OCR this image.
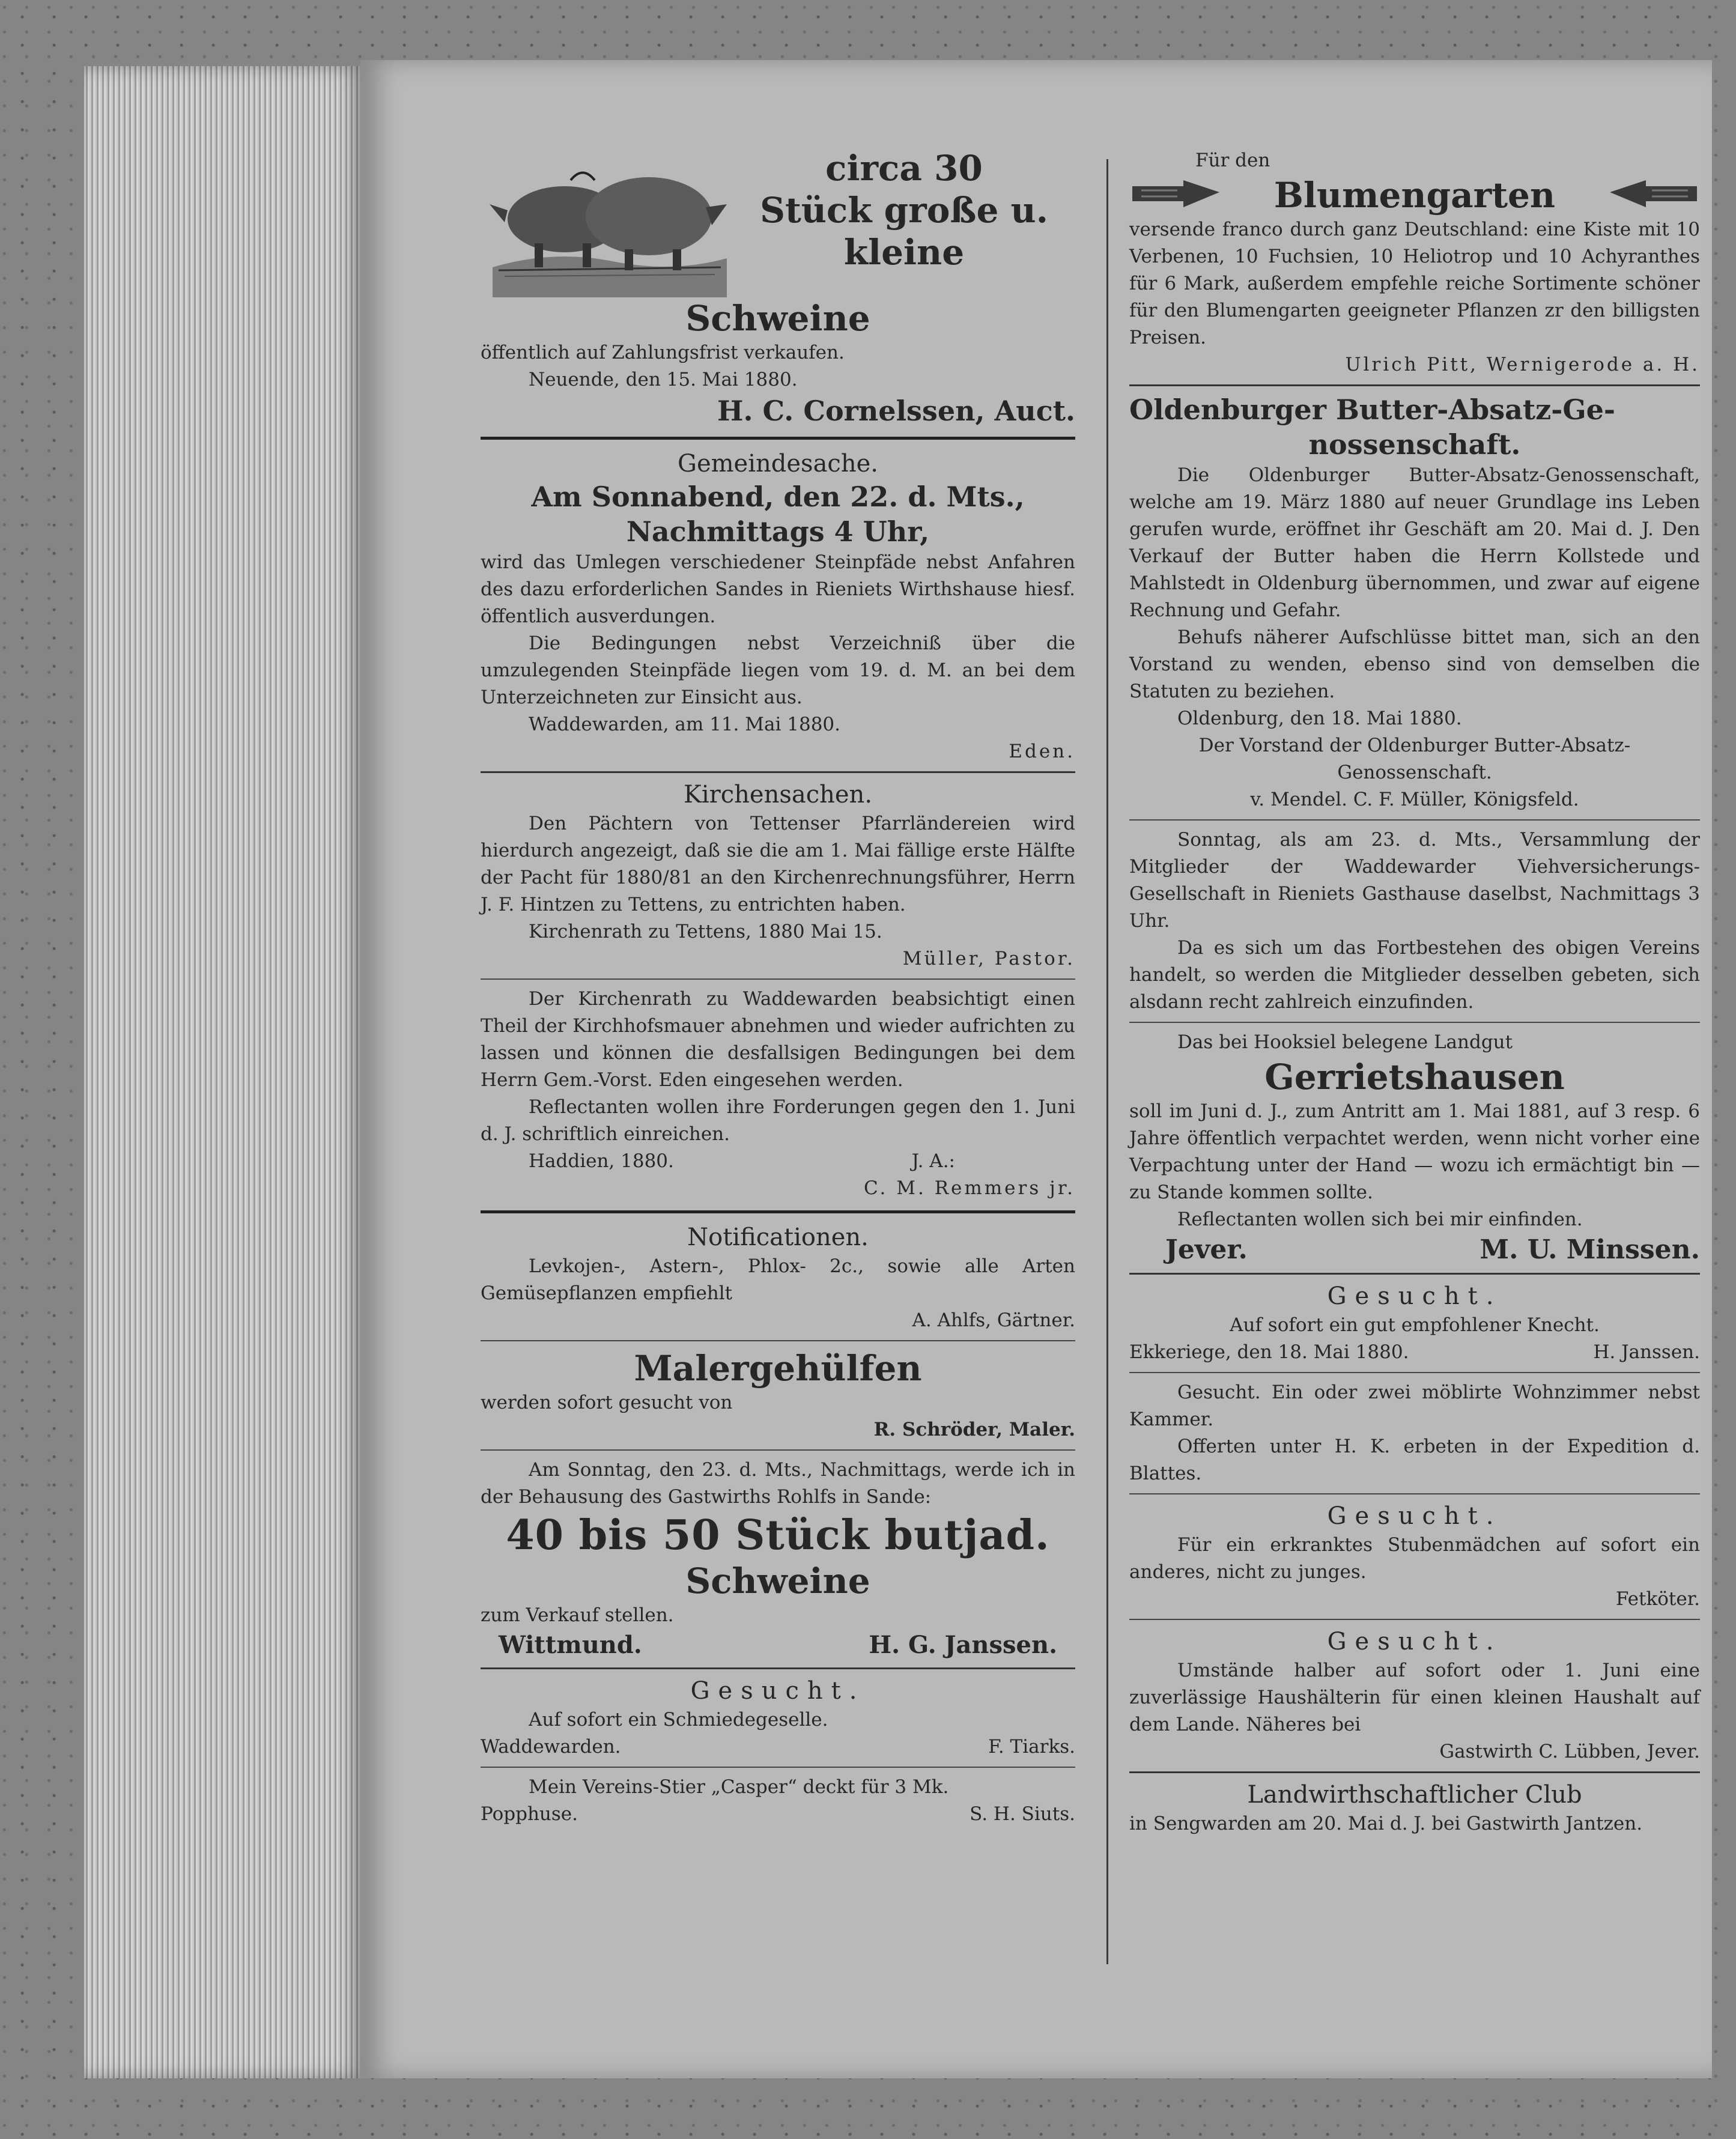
circa 30
Stück große u.
kleine
Schweine

öffentlich auf Zahlungsfrist verkaufen.

Neuende, den 15. Mai 1880.

H. C. Cornelssen, Auct.
Gemeindesache.
Am Sonnabend, den 22. d. Mts.,
Nachmittags 4 Uhr,

wird das Umlegen verschiedener Steinpfäde nebst Anfahren des dazu erforderlichen Sandes in Rieniets Wirthshause hiesf. öffentlich ausverdungen.

Die Bedingungen nebst Verzeichniß über die umzulegenden Steinpfäde liegen vom 19. d. M. an bei dem Unterzeichneten zur Einsicht aus.

Waddewarden, am 11. Mai 1880.

Eden.

Kirchensachen.

Den Pächtern von Tettenser Pfarrländereien wird hierdurch angezeigt, daß sie die am 1. Mai fällige erste Hälfte der Pacht für 1880/81 an den Kirchenrechnungsführer, Herrn J. F. Hintzen zu Tettens, zu entrichten haben.

Kirchenrath zu Tettens, 1880 Mai 15.

Müller, Pastor.

Der Kirchenrath zu Waddewarden beabsichtigt einen Theil der Kirchhofsmauer abnehmen und wieder aufrichten zu lassen und können die desfallsigen Bedingungen bei dem Herrn Gem.-Vorst. Eden eingesehen werden.

Reflectanten wollen ihre Forderungen gegen den 1. Juni d. J. schriftlich einreichen.

Haddien, 1880.	J. A.:

C. M. Remmers jr.

Notificationen.

Levkojen-, Astern-, Phlox- 2c., sowie alle Arten Gemüsepflanzen empfiehlt

A. Ahlfs, Gärtner.

Malergehülfen

werden sofort gesucht von

R. Schröder, Maler.

Am Sonntag, den 23. d. Mts., Nachmittags, werde ich in der Behausung des Gastwirths Rohlfs in Sande:

40 bis 50 Stück butjad.
Schweine

zum Verkauf stellen.

Wittmund.	H. G. Janssen.
Gesucht.

Auf sofort ein Schmiedegeselle.

Waddewarden.	F. Tiarks.

Mein Vereins-Stier „Casper“ deckt für 3 Mk.

Popphuse.	S. H. Siuts.

Für den

Blumengarten

versende franco durch ganz Deutschland: eine Kiste mit 10 Verbenen, 10 Fuchsien, 10 Heliotrop und 10 Achyranthes für 6 Mark, außerdem empfehle reiche Sortimente schöner für den Blumengarten geeigneter Pflanzen zr den billigsten Preisen.

Ulrich Pitt, Wernigerode a. H.

Oldenburger Butter-Absatz-Ge-
nossenschaft.

Die Oldenburger Butter-Absatz-Genossenschaft, welche am 19. März 1880 auf neuer Grundlage ins Leben gerufen wurde, eröffnet ihr Geschäft am 20. Mai d. J. Den Verkauf der Butter haben die Herrn Kollstede und Mahlstedt in Oldenburg übernommen, und zwar auf eigene Rechnung und Gefahr.

Behufs näherer Aufschlüsse bittet man, sich an den Vorstand zu wenden, ebenso sind von demselben die Statuten zu beziehen.

Oldenburg, den 18. Mai 1880.

Der Vorstand der Oldenburger Butter-Absatz-

Genossenschaft.

v. Mendel. C. F. Müller, Königsfeld.

Sonntag, als am 23. d. Mts., Versammlung der Mitglieder der Waddewarder Viehversicherungs-Gesellschaft in Rieniets Gasthause daselbst, Nachmittags 3 Uhr.

Da es sich um das Fortbestehen des obigen Vereins handelt, so werden die Mitglieder desselben gebeten, sich alsdann recht zahlreich einzufinden.

Das bei Hooksiel belegene Landgut

Gerrietshausen

soll im Juni d. J., zum Antritt am 1. Mai 1881, auf 3 resp. 6 Jahre öffentlich verpachtet werden, wenn nicht vorher eine Verpachtung unter der Hand — wozu ich ermächtigt bin — zu Stande kommen sollte.

Reflectanten wollen sich bei mir einfinden.

Jever.	M. U. Minssen.
Gesucht.

Auf sofort ein gut empfohlener Knecht.

Ekkeriege, den 18. Mai 1880.	H. Janssen.

Gesucht. Ein oder zwei möblirte Wohnzimmer nebst Kammer.

Offerten unter H. K. erbeten in der Expedition d. Blattes.

Gesucht.

Für ein erkranktes Stubenmädchen auf sofort ein anderes, nicht zu junges.

Fetköter.

Gesucht.

Umstände halber auf sofort oder 1. Juni eine zuverlässige Haushälterin für einen kleinen Haushalt auf dem Lande. Näheres bei

Gastwirth C. Lübben, Jever.

Landwirthschaftlicher Club

in Sengwarden am 20. Mai d. J. bei Gastwirth Jantzen.
